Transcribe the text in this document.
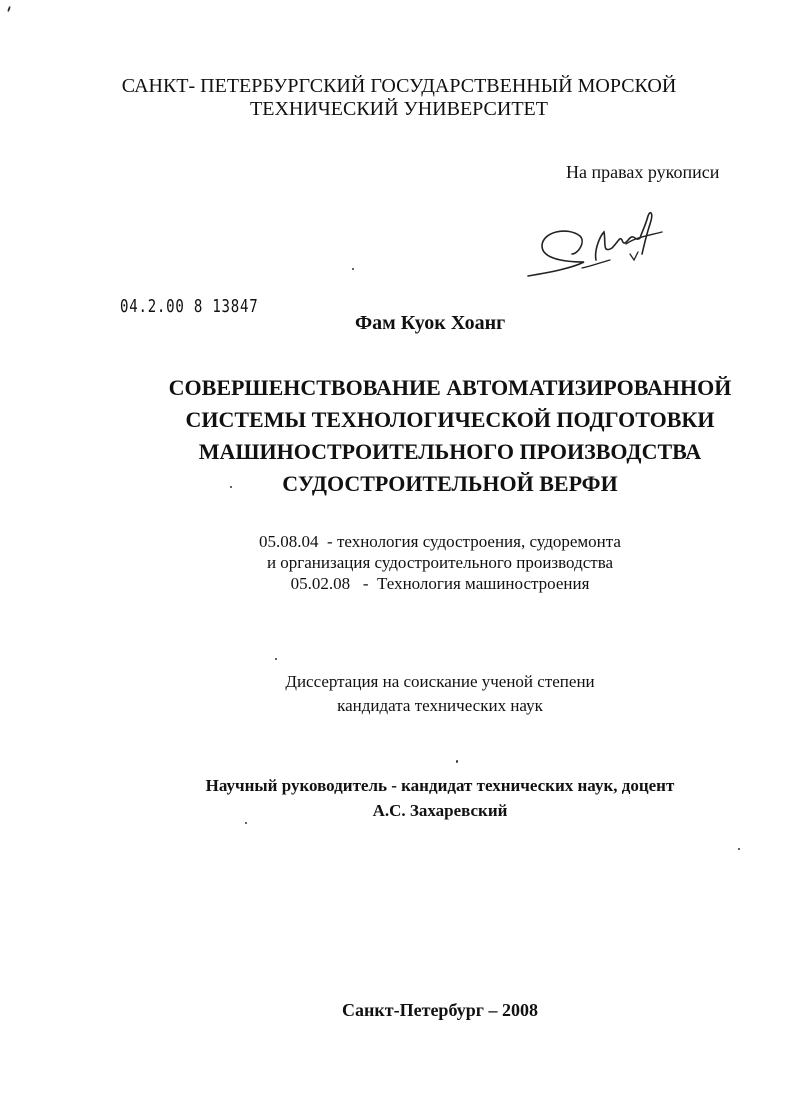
САНКТ- ПЕТЕРБУРГСКИЙ ГОСУДАРСТВЕННЫЙ МОРСКОЙ
ТЕХНИЧЕСКИЙ УНИВЕРСИТЕТ
На правах рукописи
04.2.00 8 13847
Фам Куок Хоанг
СОВЕРШЕНСТВОВАНИЕ АВТОМАТИЗИРОВАННОЙ
СИСТЕМЫ ТЕХНОЛОГИЧЕСКОЙ ПОДГОТОВКИ
МАШИНОСТРОИТЕЛЬНОГО ПРОИЗВОДСТВА
СУДОСТРОИТЕЛЬНОЙ ВЕРФИ
05.08.04  - технология судостроения, судоремонта
и организация судостроительного производства
05.02.08   -  Технология машиностроения
Диссертация на соискание ученой степени
кандидата технических наук
Научный руководитель - кандидат технических наук, доцент
А.С. Захаревский
Санкт-Петербург – 2008
